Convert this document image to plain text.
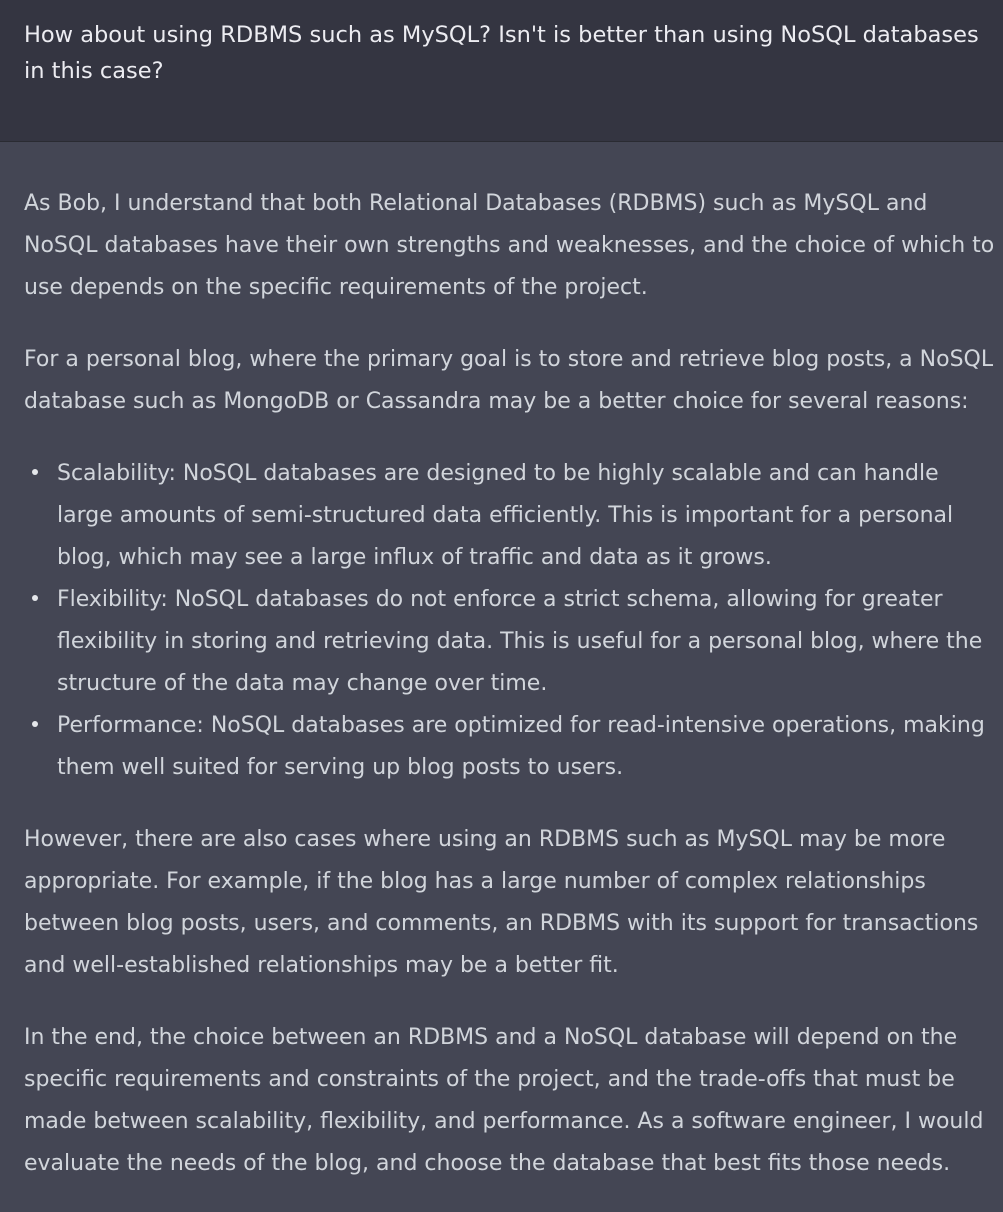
How about using RDBMS such as MySQL? Isn't is better than using NoSQL databases in this case?

As Bob, I understand that both Relational Databases (RDBMS) such as MySQL and NoSQL databases have their own strengths and weaknesses, and the choice of which to use depends on the specific requirements of the project.

For a personal blog, where the primary goal is to store and retrieve blog posts, a NoSQL database such as MongoDB or Cassandra may be a better choice for several reasons:

Scalability: NoSQL databases are designed to be highly scalable and can handle large amounts of semi-structured data efficiently. This is important for a personal blog, which may see a large influx of traffic and data as it grows.
Flexibility: NoSQL databases do not enforce a strict schema, allowing for greater flexibility in storing and retrieving data. This is useful for a personal blog, where the structure of the data may change over time.
Performance: NoSQL databases are optimized for read-intensive operations, making them well suited for serving up blog posts to users.

However, there are also cases where using an RDBMS such as MySQL may be more appropriate. For example, if the blog has a large number of complex relationships between blog posts, users, and comments, an RDBMS with its support for transactions and well-established relationships may be a better fit.

In the end, the choice between an RDBMS and a NoSQL database will depend on the specific requirements and constraints of the project, and the trade-offs that must be made between scalability, flexibility, and performance. As a software engineer, I would evaluate the needs of the blog, and choose the database that best fits those needs.
